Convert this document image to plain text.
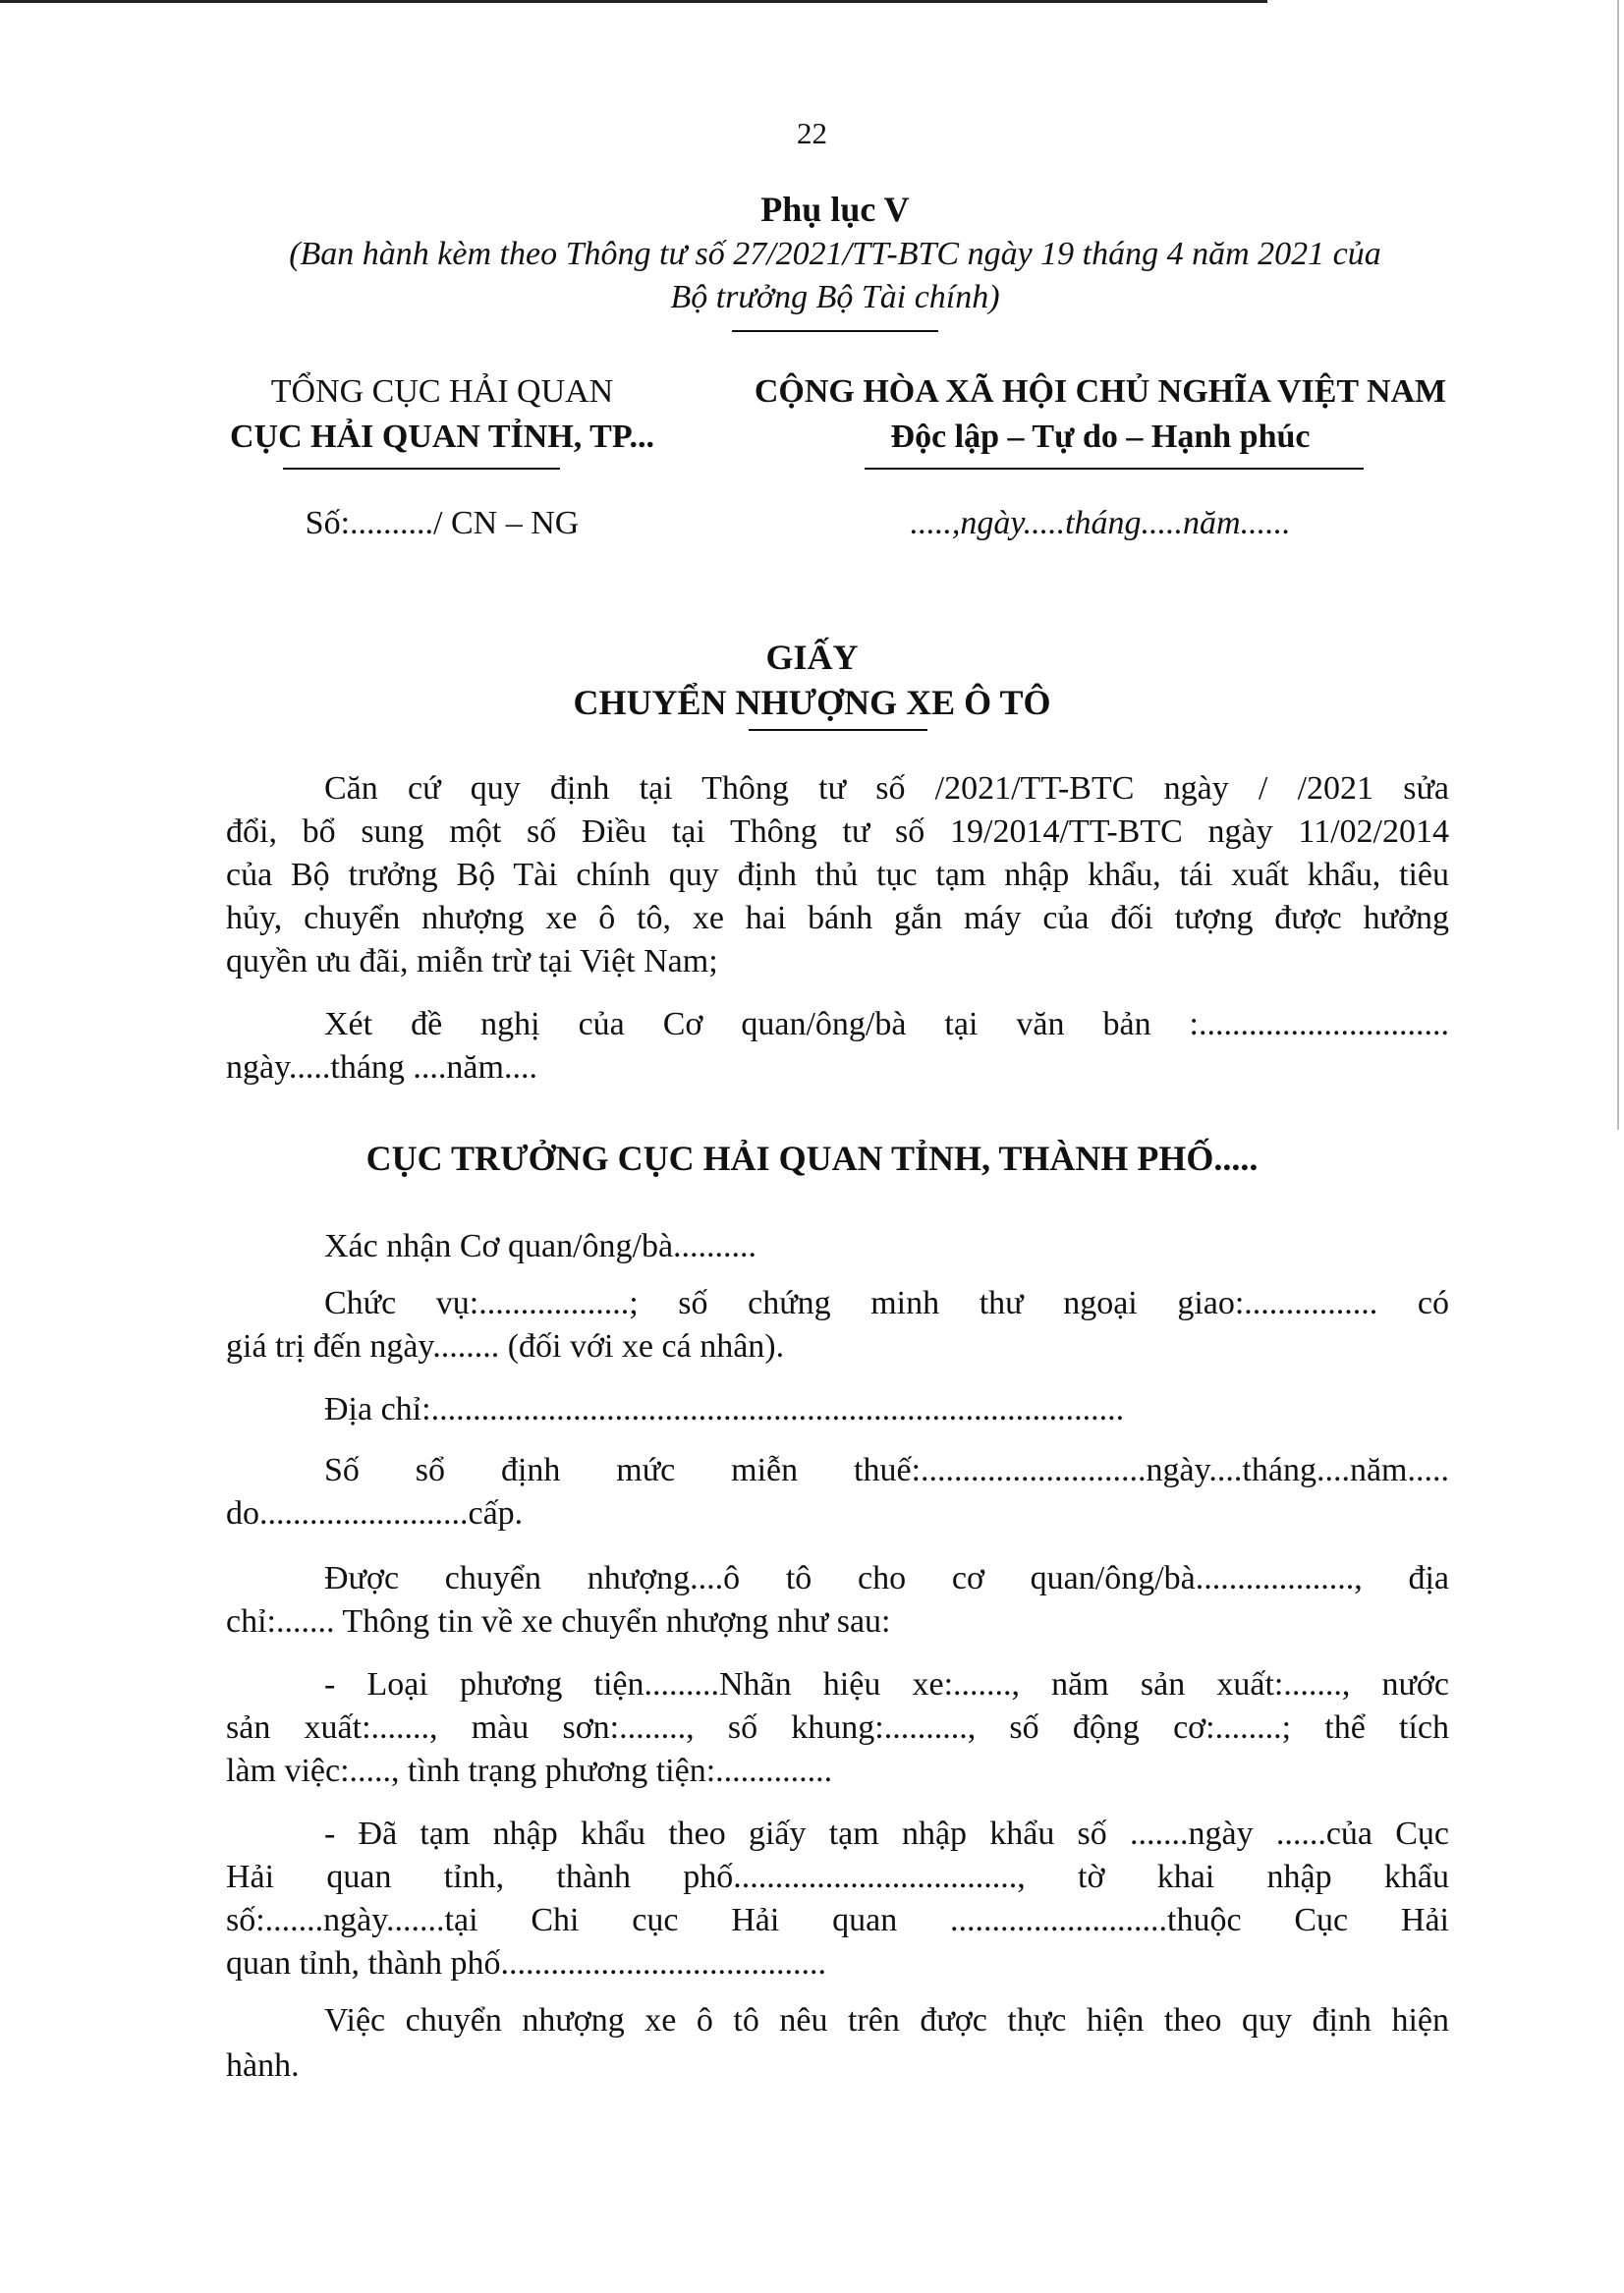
22
Phụ lục V
(Ban hành kèm theo Thông tư số 27/2021/TT-BTC ngày 19 tháng 4 năm 2021 của
Bộ trưởng Bộ Tài chính)
TỔNG CỤC HẢI QUAN
CỤC HẢI QUAN TỈNH, TP...
CỘNG HÒA XÃ HỘI CHỦ NGHĨA VIỆT NAM
Độc lập – Tự do – Hạnh phúc
Số:........../ CN – NG	.....,ngày.....tháng.....năm......
GIẤY
CHUYỂN NHƯỢNG XE Ô TÔ
Căn cứ quy định tại Thông tư số /2021/TT-BTC ngày / /2021 sửa
đổi, bổ sung một số Điều tại Thông tư số 19/2014/TT-BTC ngày 11/02/2014
của Bộ trưởng Bộ Tài chính quy định thủ tục tạm nhập khẩu, tái xuất khẩu, tiêu
hủy, chuyển nhượng xe ô tô, xe hai bánh gắn máy của đối tượng được hưởng
quyền ưu đãi, miễn trừ tại Việt Nam;
Xét đề nghị của Cơ quan/ông/bà tại văn bản :..............................
ngày.....tháng ....năm....
CỤC TRƯỞNG CỤC HẢI QUAN TỈNH, THÀNH PHỐ.....
Xác nhận Cơ quan/ông/bà..........
Chức vụ:..................; số chứng minh thư ngoại giao:................ có
giá trị đến ngày........ (đối với xe cá nhân).
Địa chỉ:...................................................................................
Số sổ định mức miễn thuế:...........................ngày....tháng....năm.....
do.........................cấp.
Được chuyển nhượng....ô tô cho cơ quan/ông/bà..................., địa
chỉ:....... Thông tin về xe chuyển nhượng như sau:
- Loại phương tiện.........Nhãn hiệu xe:......., năm sản xuất:......., nước
sản xuất:......., màu sơn:........, số khung:.........., số động cơ:........; thể tích
làm việc:....., tình trạng phương tiện:..............
- Đã tạm nhập khẩu theo giấy tạm nhập khẩu số .......ngày ......của Cục
Hải quan tỉnh, thành phố.................................., tờ khai nhập khẩu
số:.......ngày.......tại Chi cục Hải quan ..........................thuộc Cục Hải
quan tỉnh, thành phố.......................................
Việc chuyển nhượng xe ô tô nêu trên được thực hiện theo quy định hiện
hành.
